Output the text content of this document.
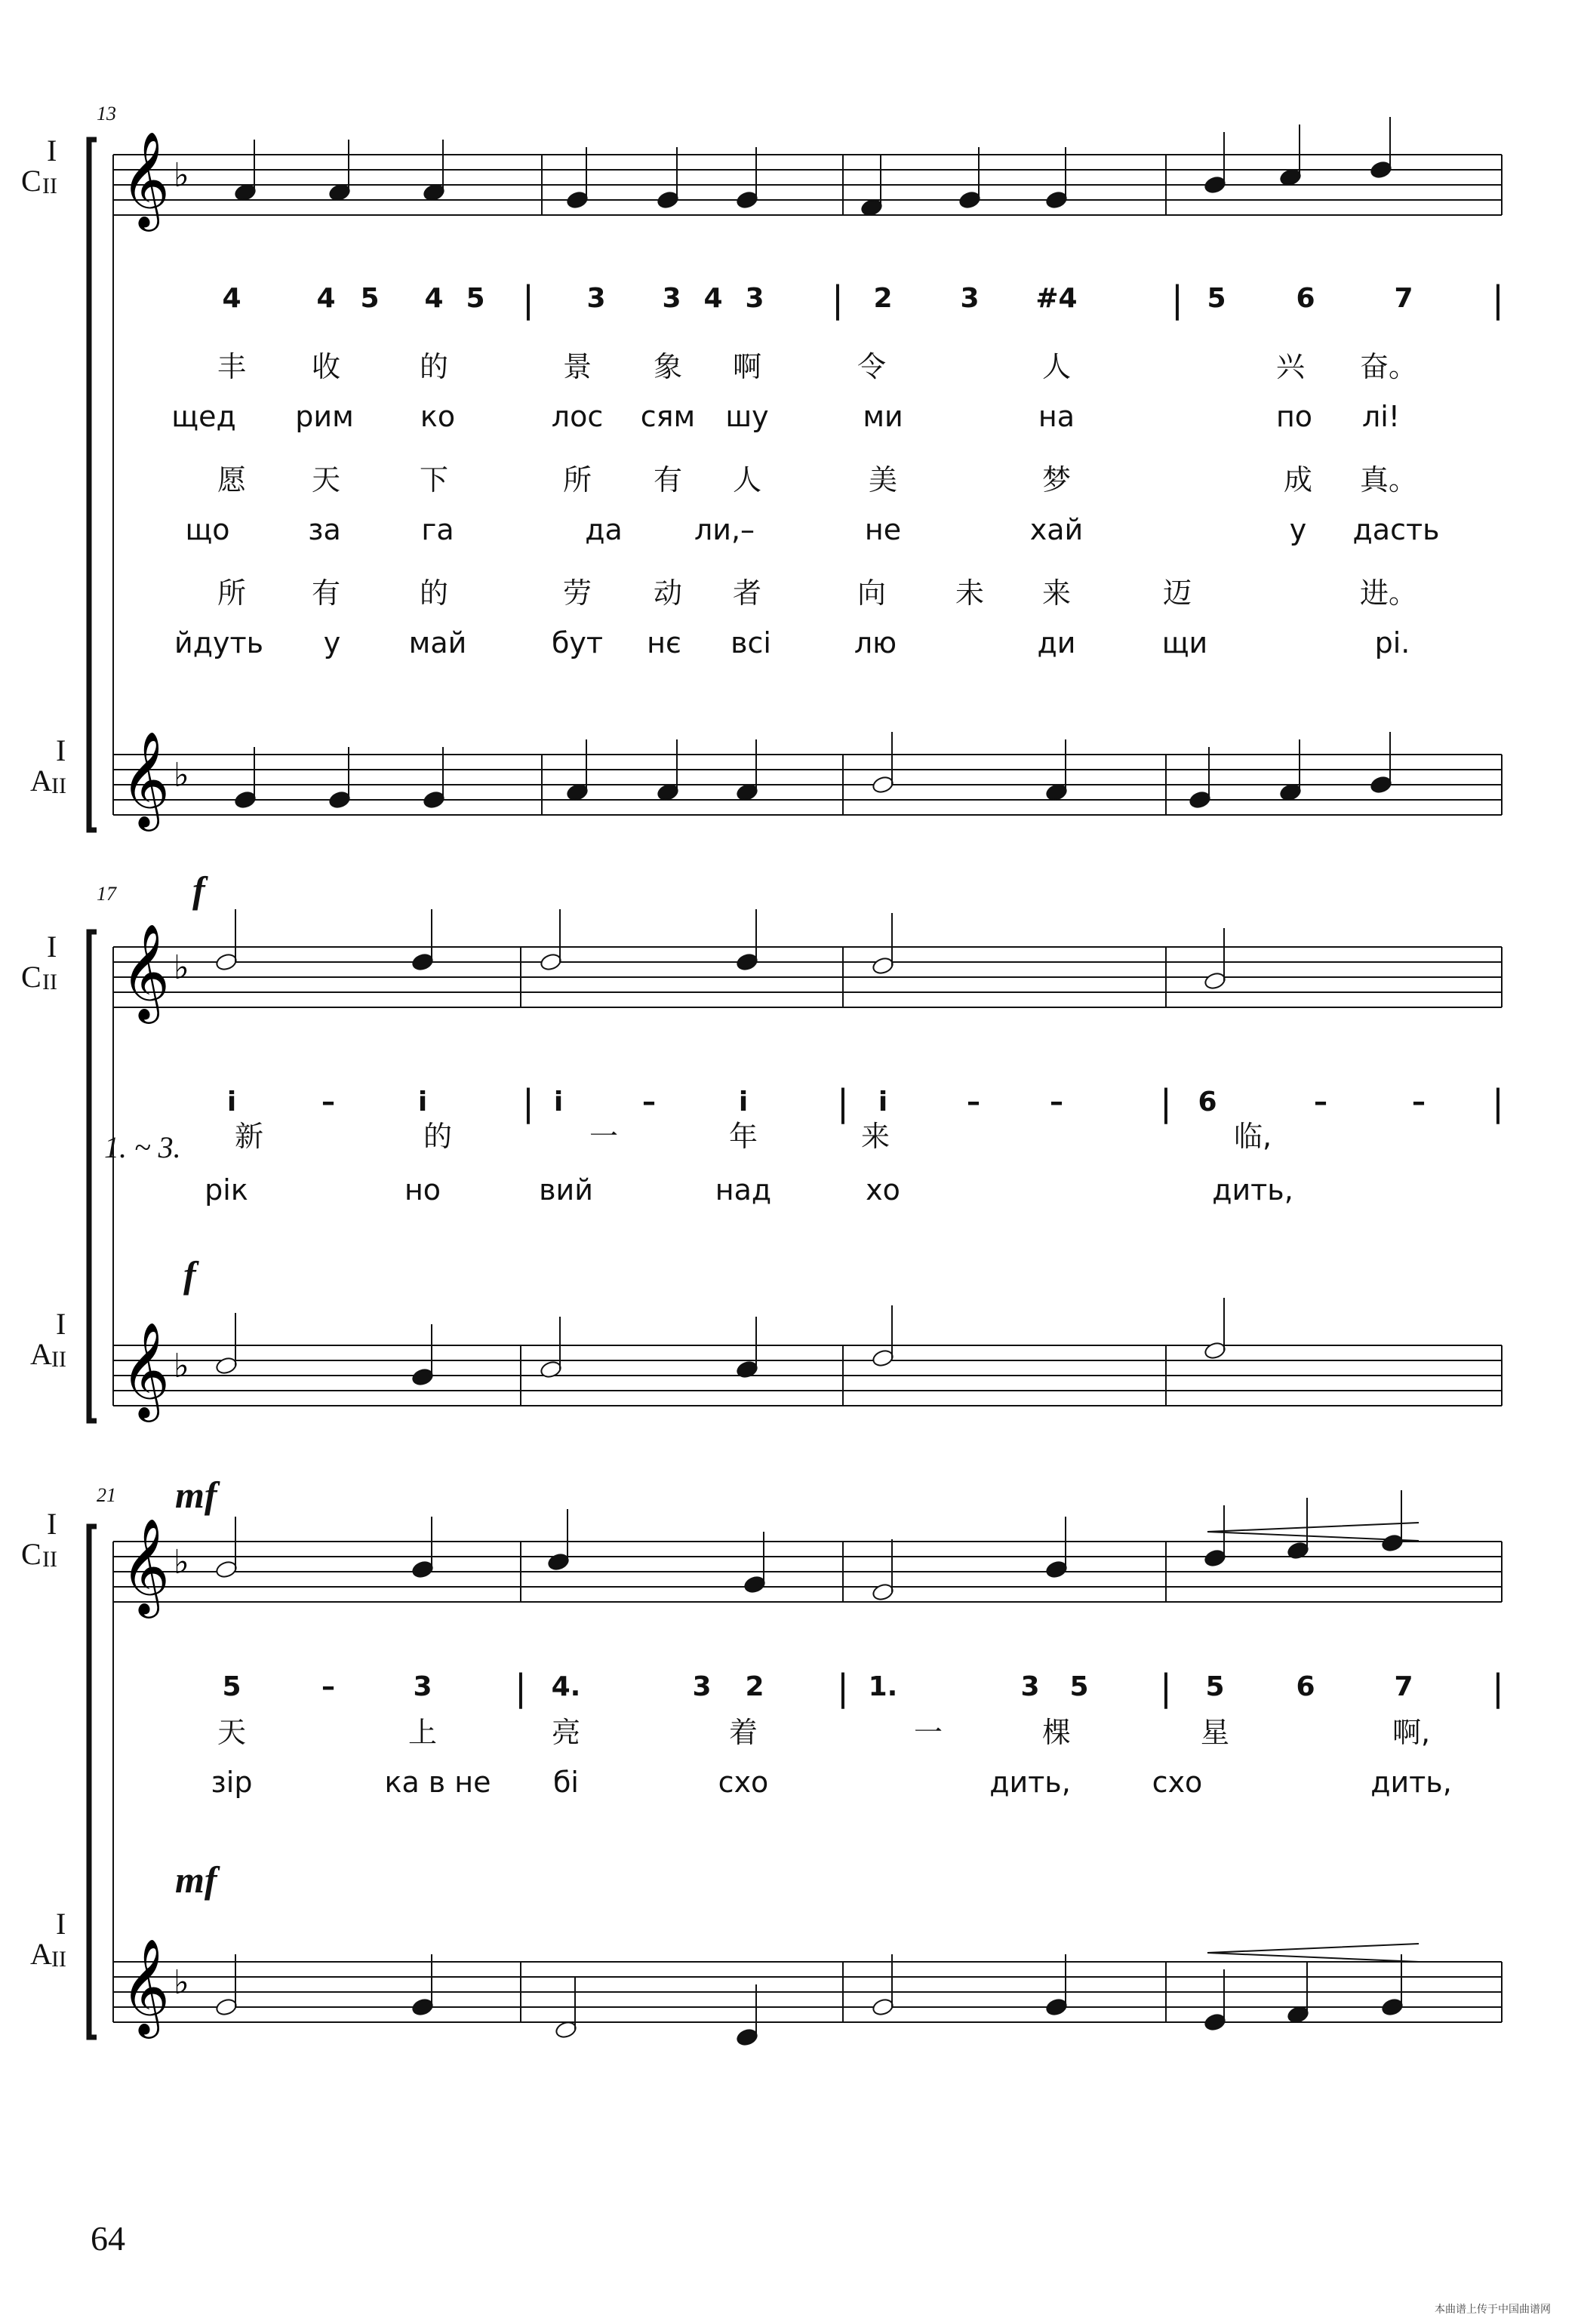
𝄞 ♭
𝄞 ♭
𝄞 ♭
𝄞 ♭
𝄞 ♭
𝄞 ♭
I
C II
I
A II
I
C II
I
A II
I
C II
I
A II
13
17
21
f
f
mf
mf
1. ~ 3.
4	4 5 4 5 | 3 3 4 3 | 2 3 #4	| 5	6	7 |
i	–	i	| i	–	i | i	–	–	| 6	–	– |
5	–	3 | 4.	3 2 | 1.	3 5 | 5	6	7 |
丰 收	的	景 象 啊	令	人	兴 奋。
щед рим ко	лос сям шу	ми	на	по лі!
愿 天	下	所 有 人	美	梦	成 真。
що	за	га	да	ли,–	не	хай	у дасть
所 有	的	劳 动 者	向 未 来	迈	进。
йдуть у май	бут нє всі	лю	ди	щи	рі.
新	的	一	年	来	临,
рік	но	вий	над	хо	дить,
天	上	亮	着	一	棵	星	啊,
зір	ка в не бі	схо	дить,	схо	дить,
64
本曲谱上传于中国曲谱网
